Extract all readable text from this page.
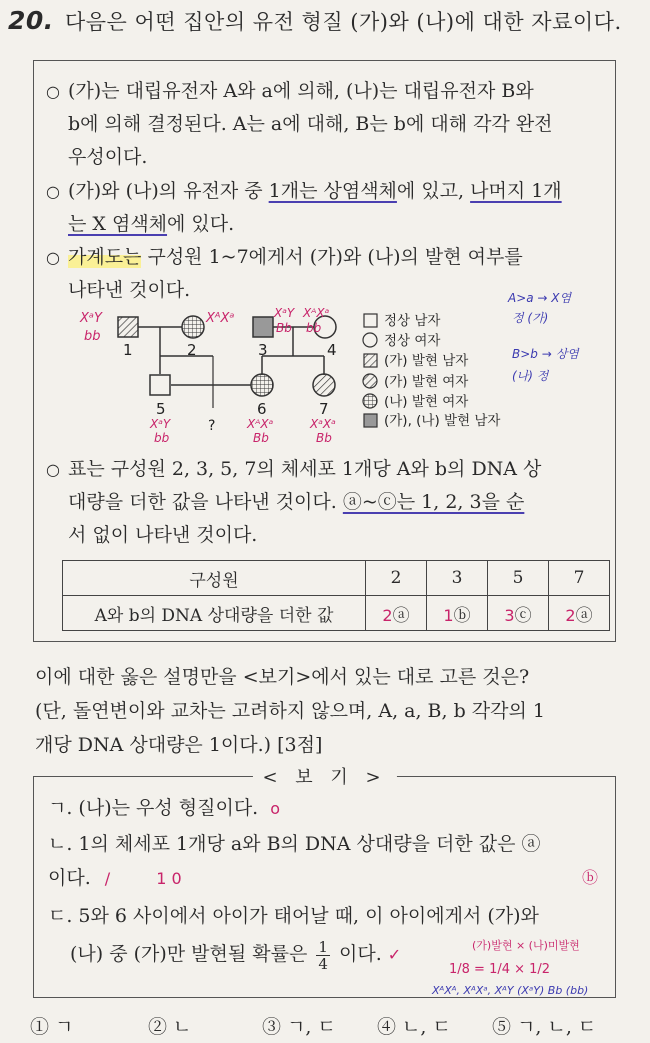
20. 다음은 어떤 집안의 유전 형질 (가)와 (나)에 대한 자료이다.
○ (가)는 대립유전자 A와 a에 의해, (나)는 대립유전자 B와
b에 의해 결정된다. A는 a에 대해, B는 b에 대해 각각 완전
우성이다.
○ (가)와 (나)의 유전자 중 1개는 상염색체에 있고, 나머지 1개
는 X 염색체에 있다.
○ 가계도는 구성원 1~7에게서 (가)와 (나)의 발현 여부를
나타낸 것이다.
○ 표는 구성원 2, 3, 5, 7의 체세포 1개당 A와 b의 DNA 상
대량을 더한 값을 나타낸 것이다. ⓐ~ⓒ는 1, 2, 3을 순
서 없이 나타낸 것이다.
1	2	3	4
5	6	7
?
XᵃY
bb
XᴬXᵃ	XᵃY
Bb
XᴬXᵃ
bb
XᵃY
bb
XᴬXᵃ
Bb
XᵃXᵃ
Bb
정상 남자
정상 여자
(가) 발현 남자
(가) 발현 여자
(나) 발현 여자
(가), (나) 발현 남자
A>a → X염
정 (가)
B>b → 상염
(나) 정
구성원	2	3	5	7
A와 b의 DNA 상대량을 더한 값	2ⓐ	1ⓑ	3ⓒ	2ⓐ
이에 대한 옳은 설명만을 <보기>에서 있는 대로 고른 것은?
(단, 돌연변이와 교차는 고려하지 않으며, A, a, B, b 각각의 1
개당 DNA 상대량은 1이다.) [3점]
< 보 기 >
ㄱ. (나)는 우성 형질이다. o
ㄴ. 1의 체세포 1개당 a와 B의 DNA 상대량을 더한 값은 ⓐ
이다. /	1 0	ⓑ
ㄷ. 5와 6 사이에서 아이가 태어날 때, 이 아이에게서 (가)와
(나) 중 (가)만 발현될 확률은 $\frac{1}{4}$ 이다. ✓	(가)발현 × (나)미발현
1/8 = 1/4 × 1/2
XᴬXᴬ, XᴬXᵃ, XᴬY (XᵃY) Bb (bb)
① ㄱ	② ㄴ	③ ㄱ, ㄷ ④ ㄴ, ㄷ ⑤ ㄱ, ㄴ, ㄷ
